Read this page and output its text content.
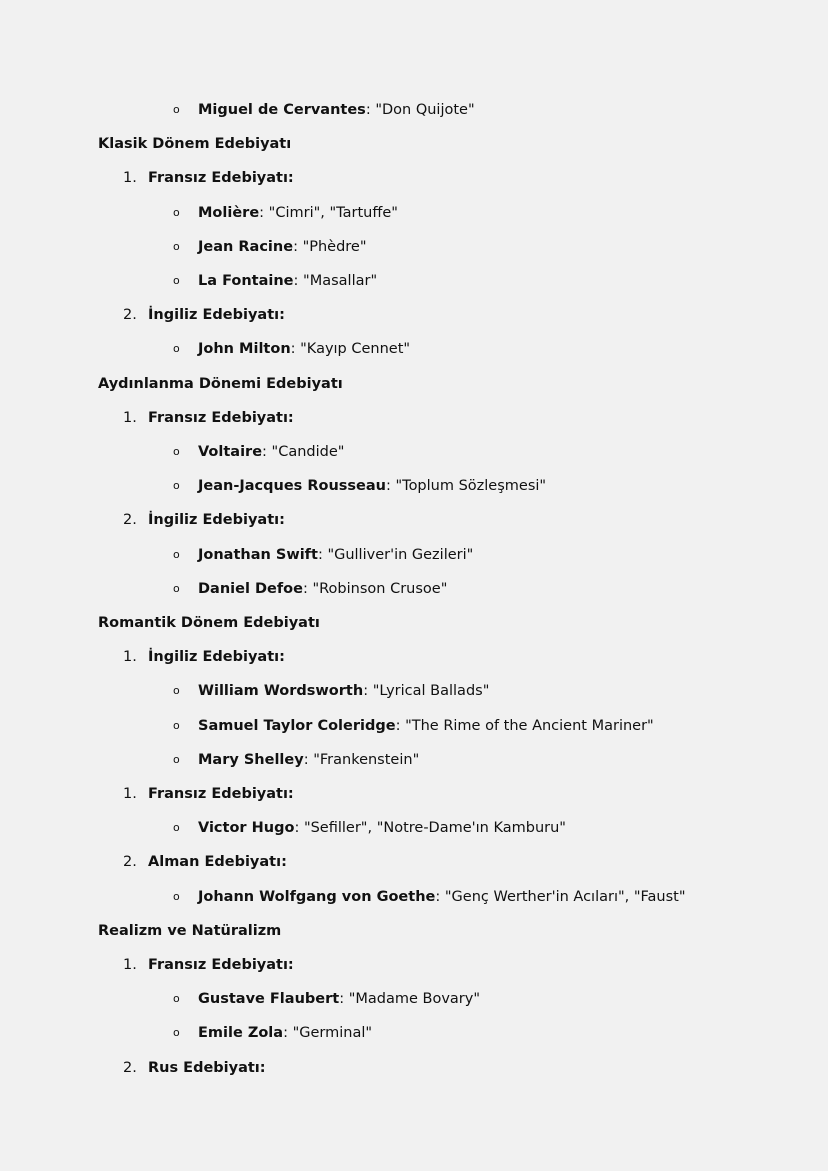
o Miguel de Cervantes: "Don Quijote"
Klasik Dönem Edebiyatı
1. Fransız Edebiyatı:
o Molière: "Cimri", "Tartuffe"
o Jean Racine: "Phèdre"
o La Fontaine: "Masallar"
2. İngiliz Edebiyatı:
o John Milton: "Kayıp Cennet"
Aydınlanma Dönemi Edebiyatı
1. Fransız Edebiyatı:
o Voltaire: "Candide"
o Jean-Jacques Rousseau: "Toplum Sözleşmesi"
2. İngiliz Edebiyatı:
o Jonathan Swift: "Gulliver'in Gezileri"
o Daniel Defoe: "Robinson Crusoe"
Romantik Dönem Edebiyatı
1. İngiliz Edebiyatı:
o William Wordsworth: "Lyrical Ballads"
o Samuel Taylor Coleridge: "The Rime of the Ancient Mariner"
o Mary Shelley: "Frankenstein"
1. Fransız Edebiyatı:
o Victor Hugo: "Sefiller", "Notre-Dame'ın Kamburu"
2. Alman Edebiyatı:
o Johann Wolfgang von Goethe: "Genç Werther'in Acıları", "Faust"
Realizm ve Natüralizm
1. Fransız Edebiyatı:
o Gustave Flaubert: "Madame Bovary"
o Emile Zola: "Germinal"
2. Rus Edebiyatı:
